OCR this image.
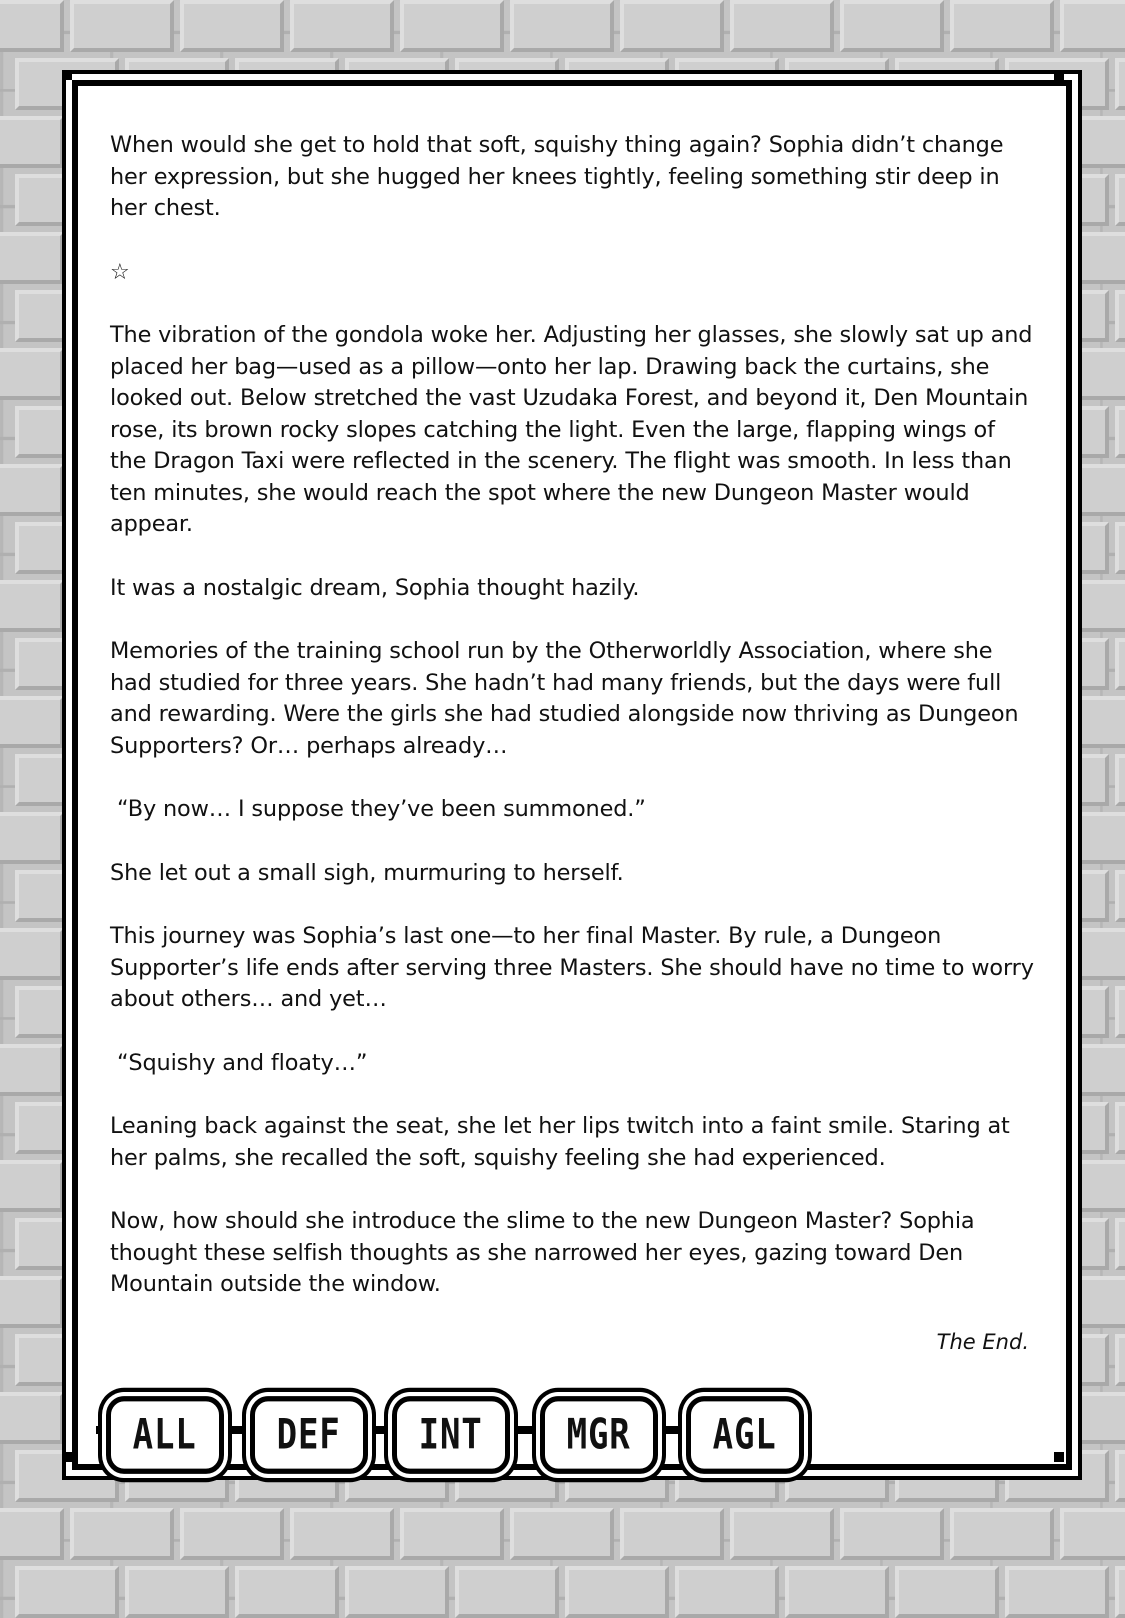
When would she get to hold that soft, squishy thing again? Sophia didn’t change her expression, but she hugged her knees tightly, feeling something stir deep in her chest.

☆

The vibration of the gondola woke her. Adjusting her glasses, she slowly sat up and placed her bag—used as a pillow—onto her lap. Drawing back the curtains, she looked out. Below stretched the vast Uzudaka Forest, and beyond it, Den Mountain rose, its brown rocky slopes catching the light. Even the large, flapping wings of the Dragon Taxi were reflected in the scenery. The flight was smooth. In less than ten minutes, she would reach the spot where the new Dungeon Master would appear.

It was a nostalgic dream, Sophia thought hazily.

Memories of the training school run by the Otherworldly Association, where she had studied for three years. She hadn’t had many friends, but the days were full and rewarding. Were the girls she had studied alongside now thriving as Dungeon Supporters? Or… perhaps already…

“By now… I suppose they’ve been summoned.”

She let out a small sigh, murmuring to herself.

This journey was Sophia’s last one—to her final Master. By rule, a Dungeon Supporter’s life ends after serving three Masters. She should have no time to worry about others… and yet…

“Squishy and floaty…”

Leaning back against the seat, she let her lips twitch into a faint smile. Staring at her palms, she recalled the soft, squishy feeling she had experienced.

Now, how should she introduce the slime to the new Dungeon Master? Sophia thought these selfish thoughts as she narrowed her eyes, gazing toward Den Mountain outside the window.

The End.
ALL DEF INT MGR AGL
